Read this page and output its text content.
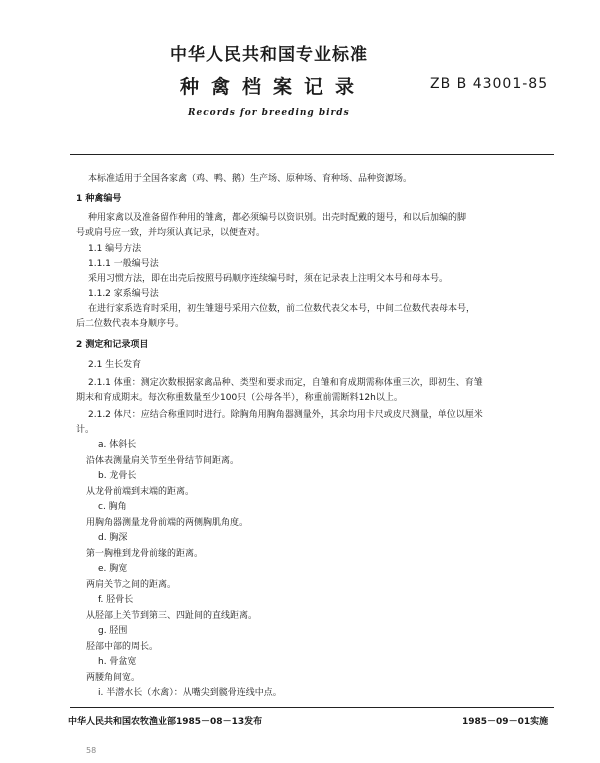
中华人民共和国专业标准
种禽档案记录	ZB B 43001-85
Records for breeding birds
本标准适用于全国各家禽（鸡、鸭、鹅）生产场、原种场、育种场、品种资源场。
1 种禽编号
种用家禽以及准备留作种用的雏禽，都必须编号以资识别。出壳时配戴的翅号，和以后加编的脚
号或肩号应一致，并均须认真记录，以便查对。
1.1 编号方法
1.1.1 一般编号法
采用习惯方法，即在出壳后按照号码顺序连续编号时，须在记录表上注明父本号和母本号。
1.1.2 家系编号法
在进行家系选育时采用，初生雏翅号采用六位数，前二位数代表父本号，中间二位数代表母本号，
后二位数代表本身顺序号。
2 测定和记录项目
2.1 生长发育
2.1.1 体重：测定次数根据家禽品种、类型和要求而定，自雏和育成期需称体重三次，即初生、育雏
期末和育成期末。每次称重数量至少100只（公母各半），称重前需断料12h以上。
2.1.2 体尺：应结合称重同时进行。除胸角用胸角器测量外，其余均用卡尺或皮尺测量，单位以厘米
计。
a. 体斜长
沿体表测量肩关节至坐骨结节间距离。
b. 龙骨长
从龙骨前端到末端的距离。
c. 胸角
用胸角器测量龙骨前端的两侧胸肌角度。
d. 胸深
第一胸椎到龙骨前缘的距离。
e. 胸宽
两肩关节之间的距离。
f. 胫骨长
从胫部上关节到第三、四趾间的直线距离。
g. 胫围
胫部中部的周长。
h. 骨盆宽
两腰角间宽。
i. 半潜水长（水禽）：从嘴尖到髋骨连线中点。
中华人民共和国农牧渔业部1985－08－13发布	1985－09－01实施
58
